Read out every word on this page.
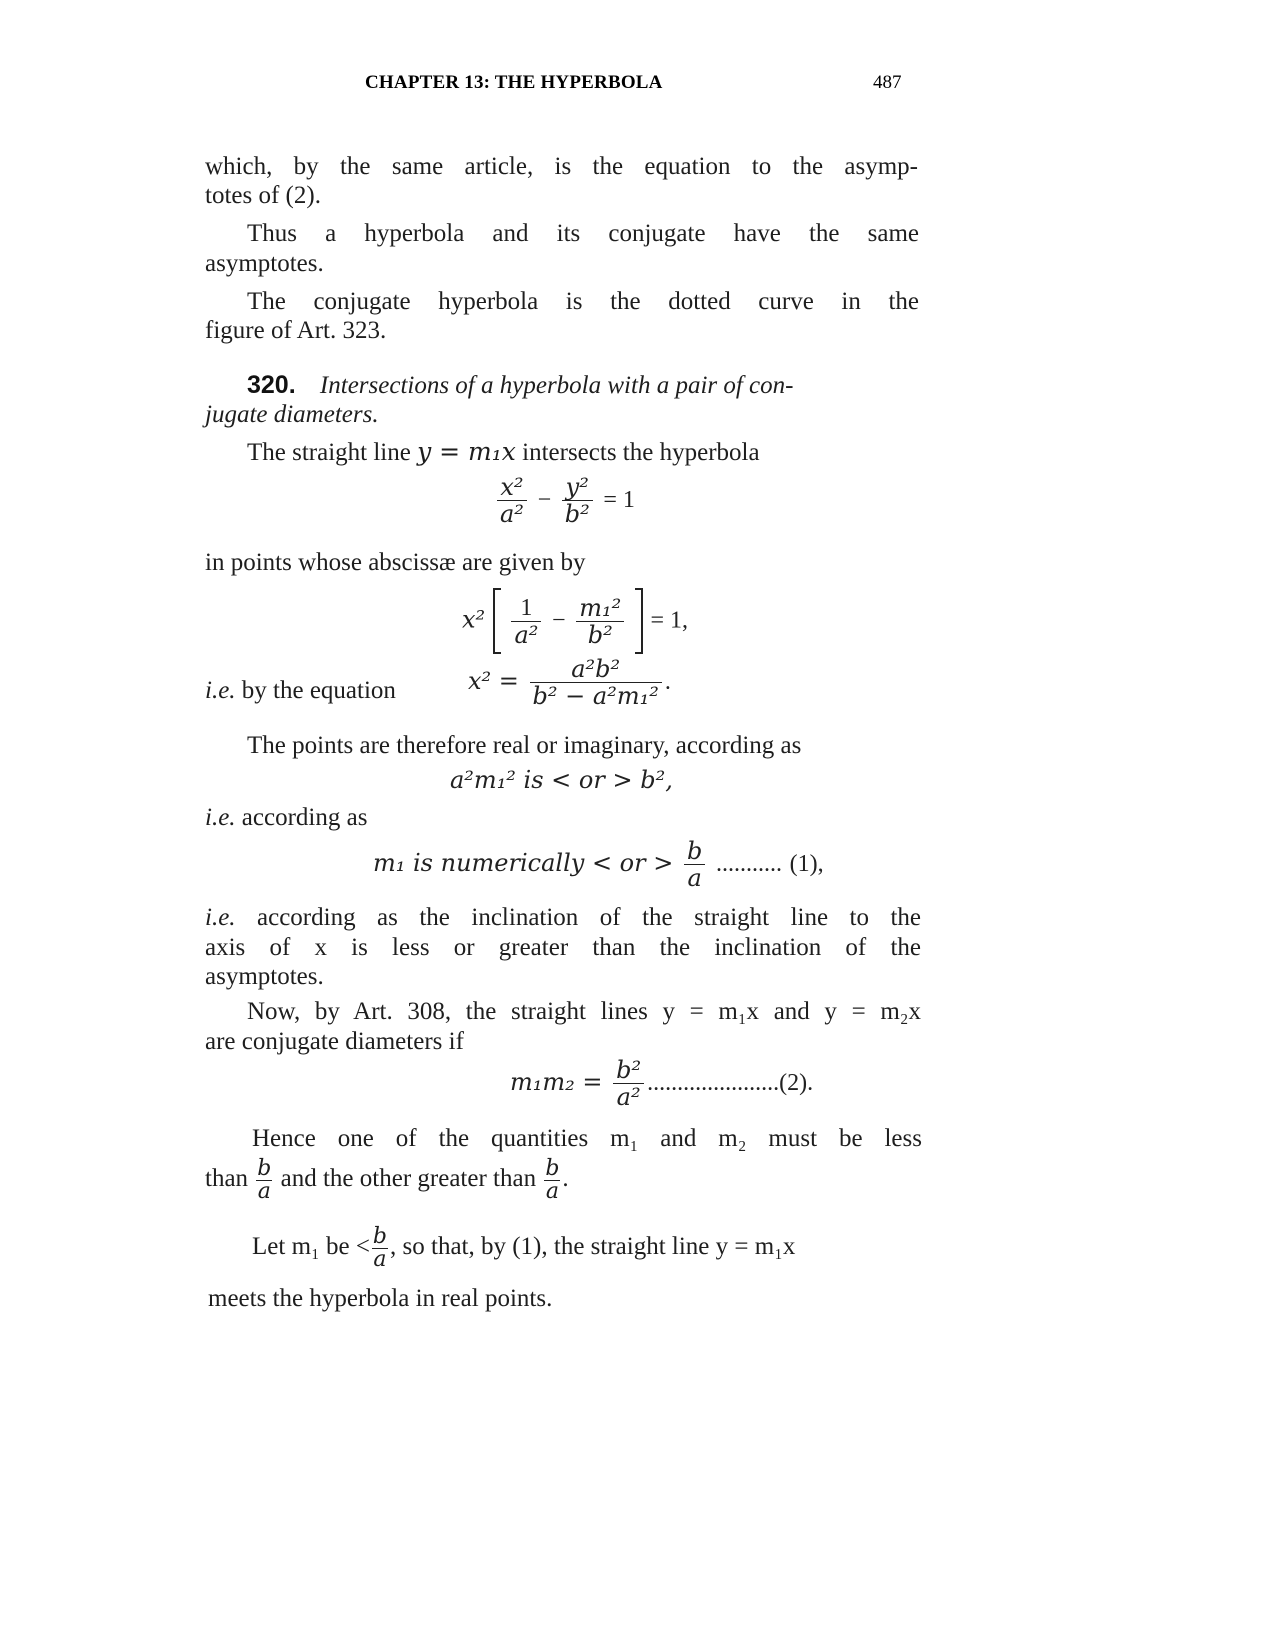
CHAPTER 13: THE HYPERBOLA	487
which, by the same article, is the equation to the asymp-
totes of (2).
Thus a hyperbola and its conjugate have the same
asymptotes.
The conjugate hyperbola is the dotted curve in the
figure of Art. 323.
320. Intersections of a hyperbola with a pair of con-
jugate diameters.
The straight line y = m₁x intersects the hyperbola
$\frac{\text{x²}}{\text{a²}} - \frac{\text{y²}}{\text{b²}} = 1$
in points whose abscissæ are given by
$x^2 \frac{1}{\text{a²}} - \frac{\text{m₁²}}{\text{b²}} = 1$,
i.e. by the equation	$x^2 = \frac{\text{a²b²}}{\text{b² − a²m₁²}}$ .
The points are therefore real or imaginary, according as
a²m₁² is < or > b²,
i.e. according as
m₁ is numerically < or > $\frac{b}{a}$ ........... (1),
i.e. according as the inclination of the straight line to the
axis of x is less or greater than the inclination of the
asymptotes.
Now, by Art. 308, the straight lines y = m₁x and y = m₂x
are conjugate diameters if
$m_1m_2 = \frac{\text{b²}}{\text{a²}} ......................(2)$.
Hence one of the quantities m₁ and m₂ must be less
than $\frac{b}{a}$ and the other greater than $\frac{b}{a}$ .
Let m₁ be < $\frac{b}{a}$ , so that, by (1), the straight line y = m₁x
meets the hyperbola in real points.
